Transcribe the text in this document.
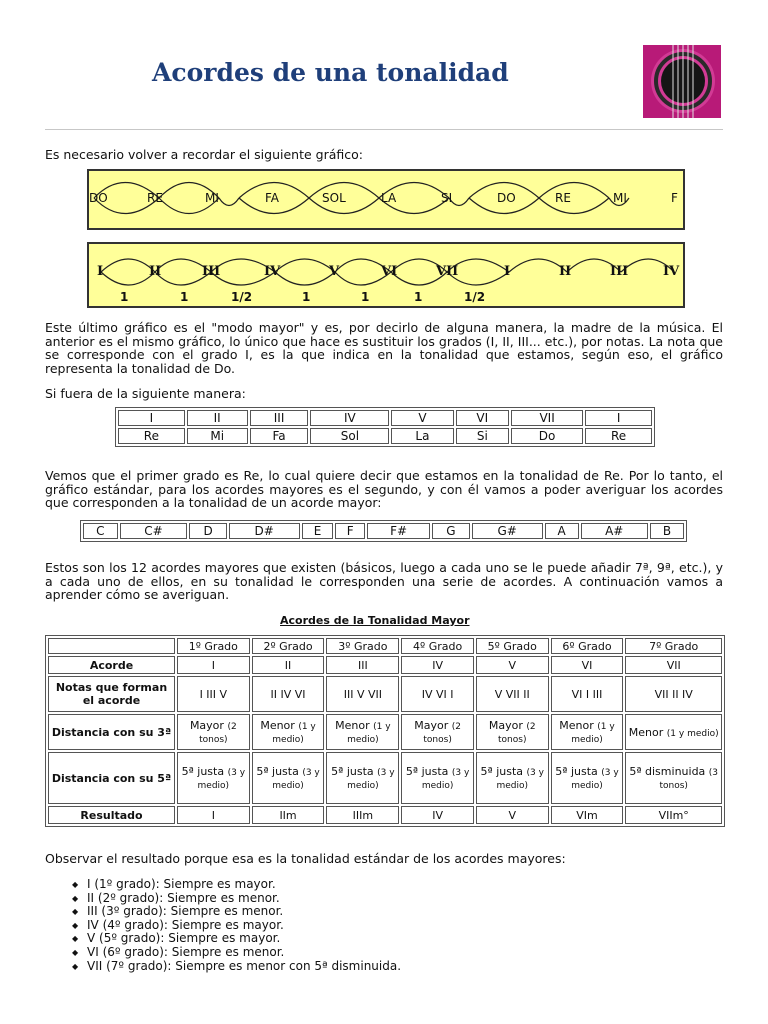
Acordes de una tonalidad

Es necesario volver a recordar el siguiente gráfico:

DO	RE	MI	FA	SOL	LA	SI	DO	RE	MI	F
I	II	III	IV	V	VI	VII	I	II	III	IV
1	1	1/2	1	1	1	1/2

Este último gráfico es el "modo mayor" y es, por decirlo de alguna manera, la madre de la música. El anterior es el mismo gráfico, lo único que hace es sustituir los grados (I, II, III... etc.), por notas. La nota que se corresponde con el grado I, es la que indica en la tonalidad que estamos, según eso, el gráfico representa la tonalidad de Do.

Si fuera de la siguiente manera:

I	II	III	IV	V	VI	VII	I
Re	Mi	Fa	Sol	La	Si	Do	Re

Vemos que el primer grado es Re, lo cual quiere decir que estamos en la tonalidad de Re. Por lo tanto, el gráfico estándar, para los acordes mayores es el segundo, y con él vamos a poder averiguar los acordes que corresponden a la tonalidad de un acorde mayor:

C	C#	D	D#	E	F	F#	G	G#	A	A#	B

Estos son los 12 acordes mayores que existen (básicos, luego a cada uno se le puede añadir 7ª, 9ª, etc.), y a cada uno de ellos, en su tonalidad le corresponden una serie de acordes. A continuación vamos a aprender cómo se averiguan.

Acordes de la Tonalidad Mayor
	1º Grado	2º Grado	3º Grado	4º Grado	5º Grado	6º Grado	7º Grado
Acorde	I	II	III	IV	V	VI	VII
Notas que forman el acorde	I III V	II IV VI	III V VII	IV VI I	V VII II	VI I III	VII II IV
Distancia con su 3ª	Mayor (2 tonos)	Menor (1 y medio)	Menor (1 y medio)	Mayor (2 tonos)	Mayor (2 tonos)	Menor (1 y medio)	Menor (1 y medio)
Distancia con su 5ª	5ª justa (3 y medio)	5ª justa (3 y medio)	5ª justa (3 y medio)	5ª justa (3 y medio)	5ª justa (3 y medio)	5ª justa (3 y medio)	5ª disminuida (3 tonos)
Resultado	I	IIm	IIIm	IV	V	VIm	VIIm°

Observar el resultado porque esa es la tonalidad estándar de los acordes mayores:

◆ I (1º grado): Siempre es mayor.
◆ II (2º grado): Siempre es menor.
◆ III (3º grado): Siempre es menor.
◆ IV (4º grado): Siempre es mayor.
◆ V (5º grado): Siempre es mayor.
◆ VI (6º grado): Siempre es menor.
◆ VII (7º grado): Siempre es menor con 5ª disminuida.
